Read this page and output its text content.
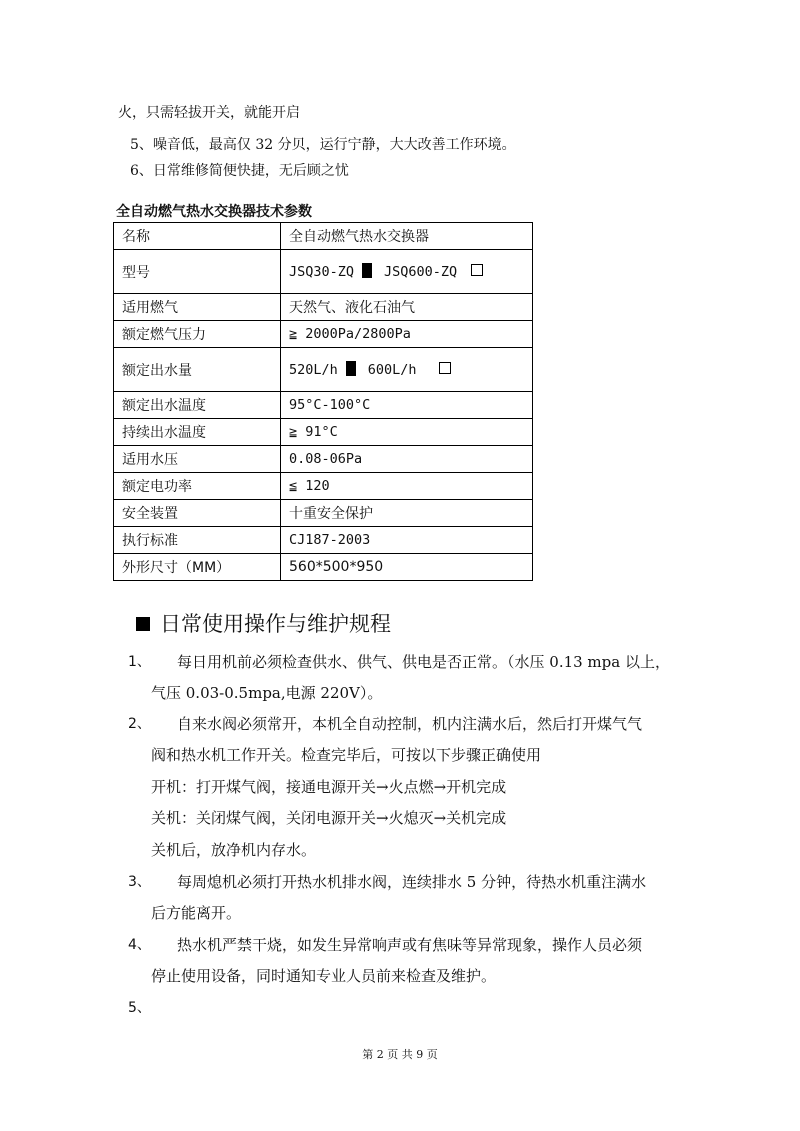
火，只需轻拔开关，就能开启
5、噪音低，最高仅 32 分贝，运行宁静，大大改善工作环境。
6、日常维修简便快捷，无后顾之忧
全自动燃气热水交换器技术参数
名称	全自动燃气热水交换器
型号	JSQ30-ZQ JSQ600-ZQ
适用燃气	天然气、液化石油气
额定燃气压力	≧ 2000Pa/2800Pa
额定出水量	520L/h 600L/h
额定出水温度	95°C-100°C
持续出水温度	≧ 91°C
适用水压	0.08-06Pa
额定电功率	≦ 120
安全装置	十重安全保护
执行标准	CJ187-2003
外形尺寸（MM）	560*500*950
日常使用操作与维护规程
1、 每日用机前必须检查供水、供气、供电是否正常。（水压 0.13 mpa 以上，
气压 0.03-0.5mpa,电源 220V）。
2、 自来水阀必须常开，本机全自动控制，机内注满水后，然后打开煤气气
阀和热水机工作开关。检查完毕后，可按以下步骤正确使用
开机：打开煤气阀，接通电源开关→火点燃→开机完成
关机：关闭煤气阀，关闭电源开关→火熄灭→关机完成
关机后，放净机内存水。
3、 每周熄机必须打开热水机排水阀，连续排水 5 分钟，待热水机重注满水
后方能离开。
4、 热水机严禁干烧，如发生异常响声或有焦味等异常现象，操作人员必须
停止使用设备，同时通知专业人员前来检查及维护。
5、
第 2 页 共 9 页
